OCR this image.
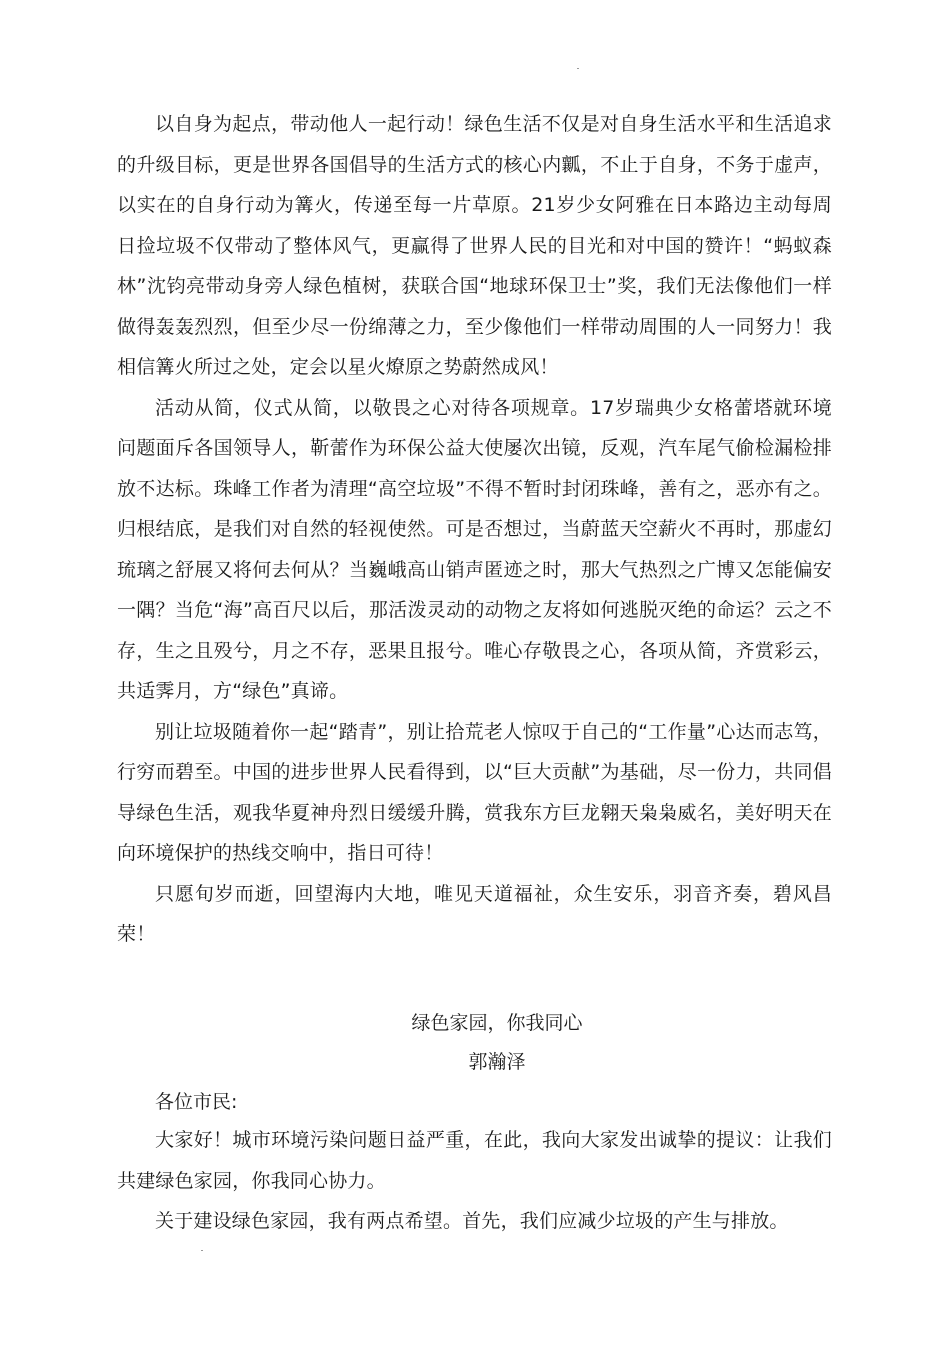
以自身为起点，带动他人一起行动！绿色生活不仅是对自身生活水平和生活追求的升级目标，更是世界各国倡导的生活方式的核心内瓤，不止于自身，不务于虚声，以实在的自身行动为篝火，传递至每一片草原。21岁少女阿雅在日本路边主动每周日捡垃圾不仅带动了整体风气，更赢得了世界人民的目光和对中国的赞许！“蚂蚁森林”沈钧亮带动身旁人绿色植树，获联合国“地球环保卫士”奖，我们无法像他们一样做得轰轰烈烈，但至少尽一份绵薄之力，至少像他们一样带动周围的人一同努力！我相信篝火所过之处，定会以星火燎原之势蔚然成风！

活动从简，仪式从简，以敬畏之心对待各项规章。17岁瑞典少女格蕾塔就环境问题面斥各国领导人，靳蕾作为环保公益大使屡次出镜，反观，汽车尾气偷检漏检排放不达标。珠峰工作者为清理“高空垃圾”不得不暂时封闭珠峰，善有之，恶亦有之。归根结底，是我们对自然的轻视使然。可是否想过，当蔚蓝天空薪火不再时，那虚幻琉璃之舒展又将何去何从？当巍峨高山销声匿迹之时，那大气热烈之广博又怎能偏安一隅？当危“海”高百尺以后，那活泼灵动的动物之友将如何逃脱灭绝的命运？云之不存，生之且殁兮，月之不存，恶果且报兮。唯心存敬畏之心，各项从简，齐赏彩云，共适霁月，方“绿色”真谛。

别让垃圾随着你一起“踏青”，别让拾荒老人惊叹于自己的“工作量”心达而志笃，行穷而碧至。中国的进步世界人民看得到，以“巨大贡献”为基础，尽一份力，共同倡导绿色生活，观我华夏神舟烈日缓缓升腾，赏我东方巨龙翱天枭枭威名，美好明天在向环境保护的热线交响中，指日可待！

只愿旬岁而逝，回望海内大地，唯见天道福祉，众生安乐，羽音齐奏，碧风昌荣！

绿色家园，你我同心
郭瀚泽
各位市民:

大家好！城市环境污染问题日益严重，在此，我向大家发出诚挚的提议：让我们共建绿色家园，你我同心协力。

关于建设绿色家园，我有两点希望。首先，我们应减少垃圾的产生与排放。
